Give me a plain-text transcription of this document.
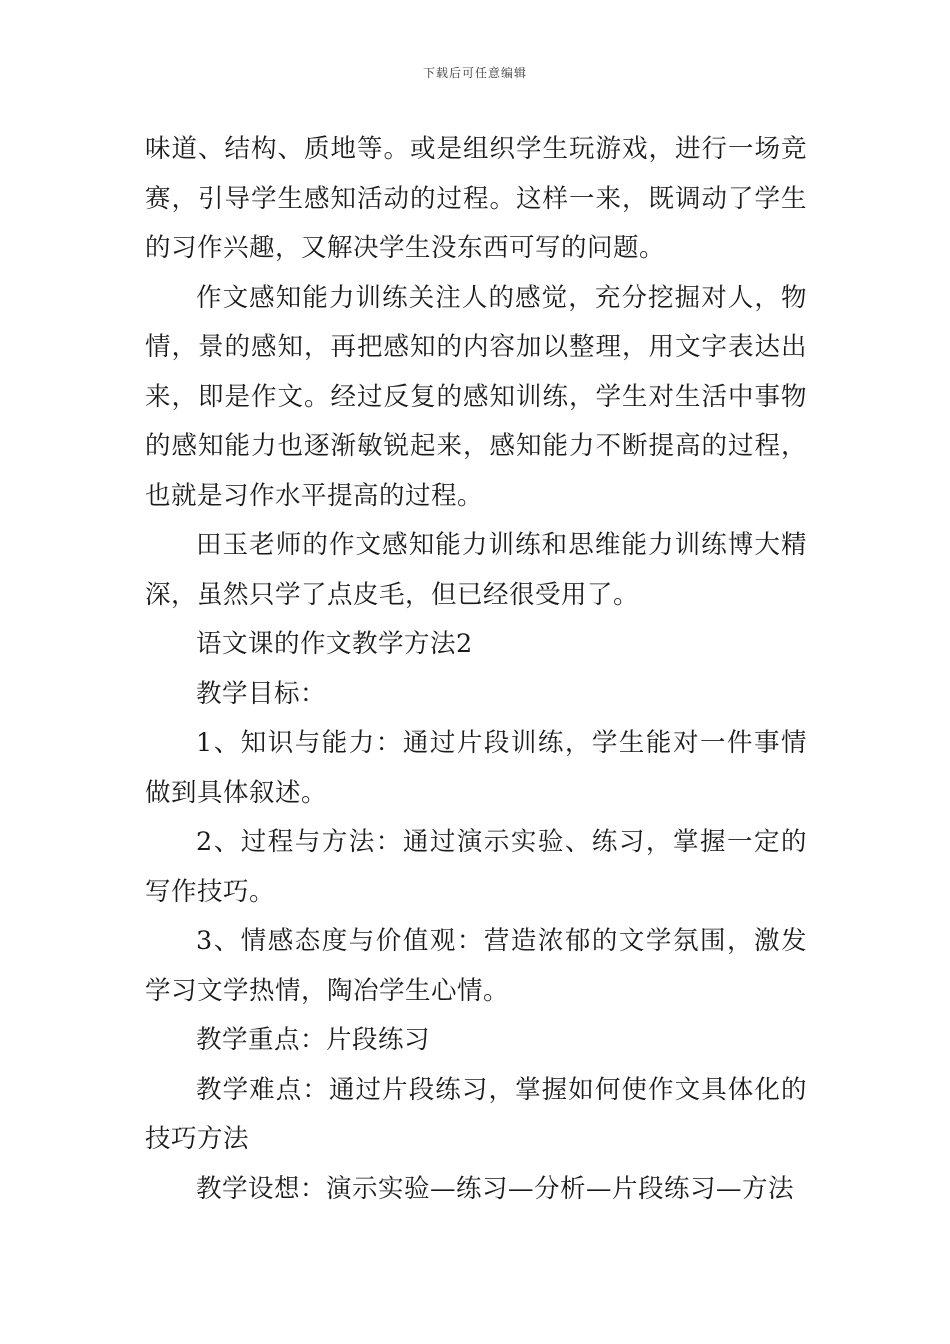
下载后可任意编辑

味道、结构、质地等。或是组织学生玩游戏，进行一场竞赛，引导学生感知活动的过程。这样一来，既调动了学生的习作兴趣，又解决学生没东西可写的问题。

作文感知能力训练关注人的感觉，充分挖掘对人，物情，景的感知，再把感知的内容加以整理，用文字表达出来，即是作文。经过反复的感知训练，学生对生活中事物的感知能力也逐渐敏锐起来，感知能力不断提高的过程，也就是习作水平提高的过程。

田玉老师的作文感知能力训练和思维能力训练博大精深，虽然只学了点皮毛，但已经很受用了。

语文课的作文教学方法2

教学目标：

1、知识与能力：通过片段训练，学生能对一件事情做到具体叙述。

2、过程与方法：通过演示实验、练习，掌握一定的写作技巧。

3、情感态度与价值观：营造浓郁的文学氛围，激发学习文学热情，陶冶学生心情。

教学重点：片段练习

教学难点：通过片段练习，掌握如何使作文具体化的技巧方法

教学设想：演示实验—练习—分析—片段练习—方法
